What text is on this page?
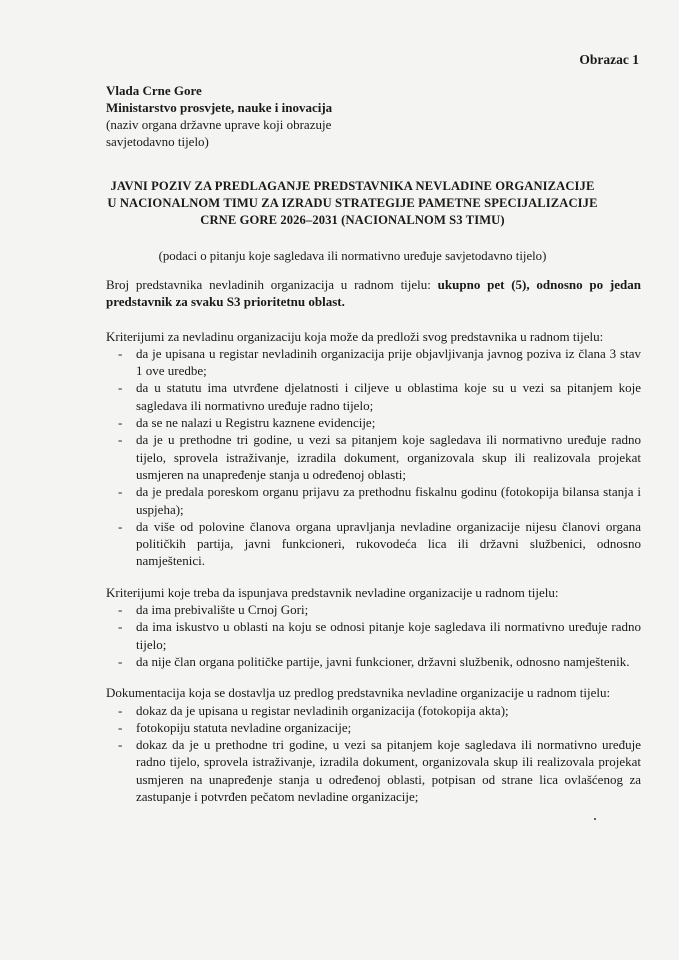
Obrazac 1
Vlada Crne Gore
Ministarstvo prosvjete, nauke i inovacija
(naziv organa državne uprave koji obrazuje
savjetodavno tijelo)
JAVNI POZIV ZA PREDLAGANJE PREDSTAVNIKA NEVLADINE ORGANIZACIJE
U NACIONALNOM TIMU ZA IZRADU STRATEGIJE PAMETNE SPECIJALIZACIJE
CRNE GORE 2026–2031 (NACIONALNOM S3 TIMU)
(podaci o pitanju koje sagledava ili normativno uređuje savjetodavno tijelo)

Broj predstavnika nevladinih organizacija u radnom tijelu: ukupno pet (5), odnosno po jedan predstavnik za svaku S3 prioritetnu oblast.

Kriterijumi za nevladinu organizaciju koja može da predloži svog predstavnika u radnom tijelu:

- da je upisana u registar nevladinih organizacija prije objavljivanja javnog poziva iz člana 3 stav 1 ove uredbe;
- da u statutu ima utvrđene djelatnosti i ciljeve u oblastima koje su u vezi sa pitanjem koje sagledava ili normativno uređuje radno tijelo;
- da se ne nalazi u Registru kaznene evidencije;
- da je u prethodne tri godine, u vezi sa pitanjem koje sagledava ili normativno uređuje radno tijelo, sprovela istraživanje, izradila dokument, organizovala skup ili realizovala projekat usmjeren na unapređenje stanja u određenoj oblasti;
- da je predala poreskom organu prijavu za prethodnu fiskalnu godinu (fotokopija bilansa stanja i uspjeha);
- da više od polovine članova organa upravljanja nevladine organizacije nijesu članovi organa političkih partija, javni funkcioneri, rukovodeća lica ili državni službenici, odnosno namještenici.

Kriterijumi koje treba da ispunjava predstavnik nevladine organizacije u radnom tijelu:

- da ima prebivalište u Crnoj Gori;
- da ima iskustvo u oblasti na koju se odnosi pitanje koje sagledava ili normativno uređuje radno tijelo;
- da nije član organa političke partije, javni funkcioner, državni službenik, odnosno namještenik.

Dokumentacija koja se dostavlja uz predlog predstavnika nevladine organizacije u radnom tijelu:

- dokaz da je upisana u registar nevladinih organizacija (fotokopija akta);
- fotokopiju statuta nevladine organizacije;
- dokaz da je u prethodne tri godine, u vezi sa pitanjem koje sagledava ili normativno uređuje radno tijelo, sprovela istraživanje, izradila dokument, organizovala skup ili realizovala projekat usmjeren na unapređenje stanja u određenoj oblasti, potpisan od strane lica ovlašćenog za zastupanje i potvrđen pečatom nevladine organizacije;
